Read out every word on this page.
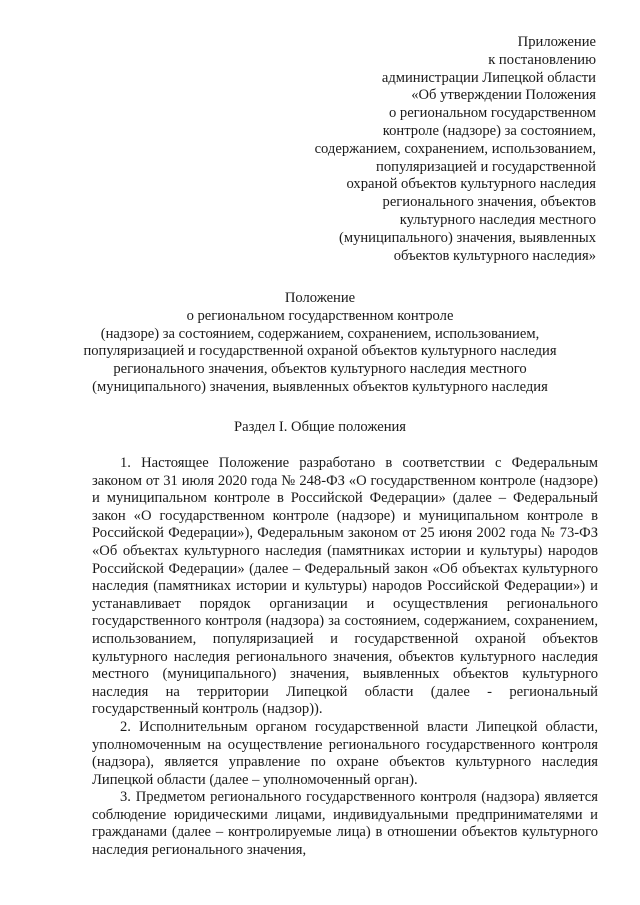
Приложение
к постановлению
администрации Липецкой области
«Об утверждении Положения
о региональном государственном
контроле (надзоре) за состоянием,
содержанием, сохранением, использованием,
популяризацией и государственной
охраной объектов культурного наследия
регионального значения, объектов
культурного наследия местного
(муниципального) значения, выявленных
объектов культурного наследия»
Положение
о региональном государственном контроле
(надзоре) за состоянием, содержанием, сохранением, использованием,
популяризацией и государственной охраной объектов культурного наследия
регионального значения, объектов культурного наследия местного
(муниципального) значения, выявленных объектов культурного наследия
Раздел I. Общие положения

1. Настоящее Положение разработано в соответствии с Федеральным законом от 31 июля 2020 года № 248-ФЗ «О государственном контроле (надзоре) и муниципальном контроле в Российской Федерации» (далее – Федеральный закон «О государственном контроле (надзоре) и муниципальном контроле в Российской Федерации»), Федеральным законом от 25 июня 2002 года № 73-ФЗ «Об объектах культурного наследия (памятниках истории и культуры) народов Российской Федерации» (далее – Федеральный закон «Об объектах культурного наследия (памятниках истории и культуры) народов Российской Федерации») и устанавливает порядок организации и осуществления регионального государственного контроля (надзора) за состоянием, содержанием, сохранением, использованием, популяризацией и государственной охраной объектов культурного наследия регионального значения, объектов культурного наследия местного (муниципального) значения, выявленных объектов культурного наследия на территории Липецкой области (далее - региональный государственный контроль (надзор)).

2. Исполнительным органом государственной власти Липецкой области, уполномоченным на осуществление регионального государственного контроля (надзора), является управление по охране объектов культурного наследия Липецкой области (далее – уполномоченный орган).

3. Предметом регионального государственного контроля (надзора) является соблюдение юридическими лицами, индивидуальными предпринимателями и гражданами (далее – контролируемые лица) в отношении объектов культурного наследия регионального значения,
